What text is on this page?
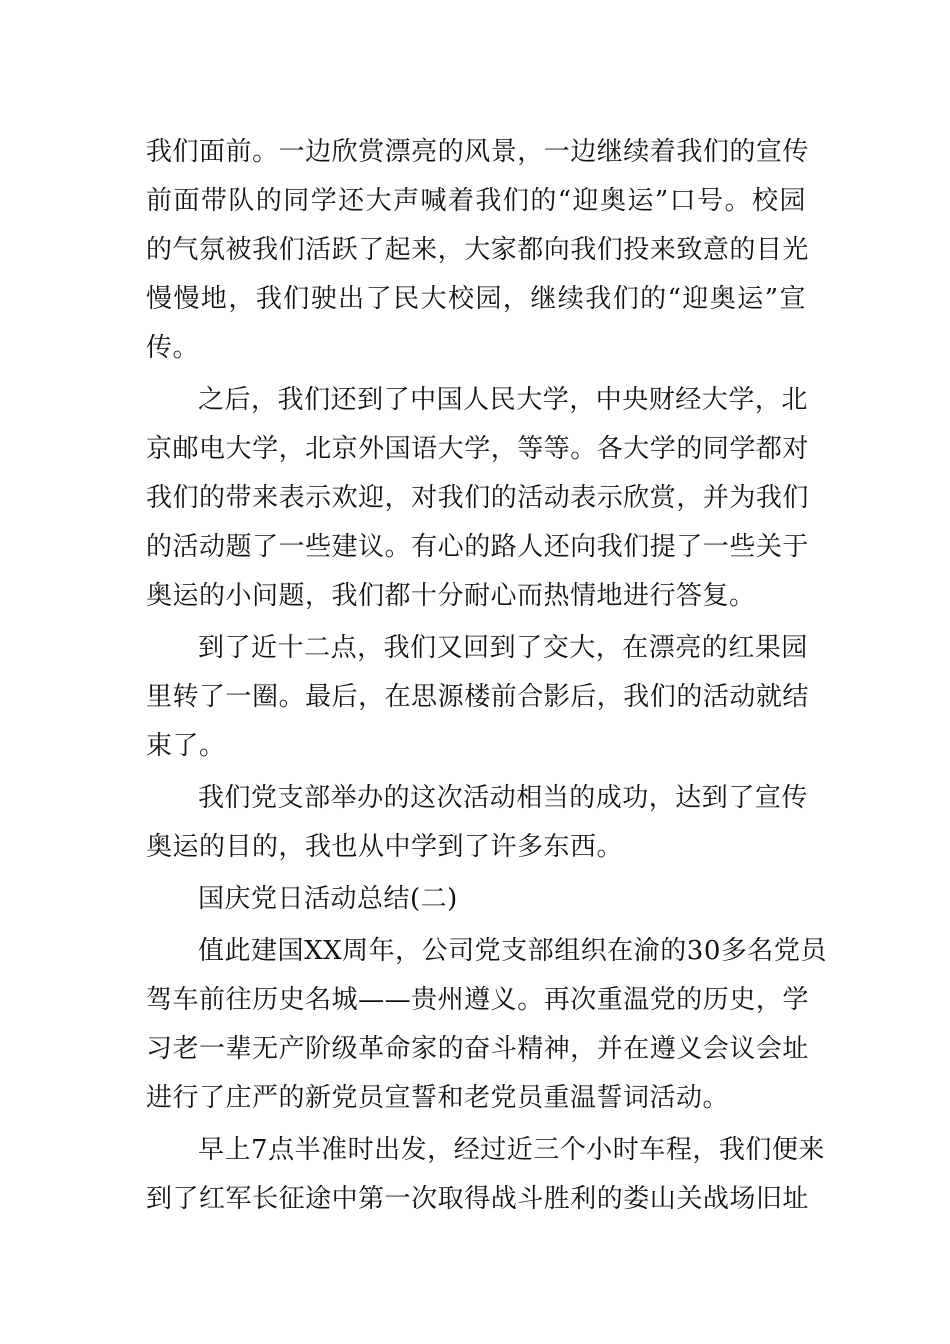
我 们 面 前 。 一 边 欣 赏 漂 亮 的 风 景 ， 一 边 继 续 着 我 们 的 宣 传
前 面 带 队 的 同 学 还 大 声 喊 着 我 们 的 “ 迎 奥 运 ” 口 号 。 校 园
的 气 氛 被 我 们 活 跃 了 起 来 ， 大 家 都 向 我 们 投 来 致 意 的 目 光
慢 慢 地 ， 我 们 驶 出 了 民 大 校 园 ， 继 续 我 们 的 “ 迎 奥 运 ” 宣
传。
之 后 ， 我 们 还 到 了 中 国 人 民 大 学 ， 中 央 财 经 大 学 ， 北
京 邮 电 大 学 ， 北 京 外 国 语 大 学 ， 等 等 。 各 大 学 的 同 学 都 对
我 们 的 带 来 表 示 欢 迎 ， 对 我 们 的 活 动 表 示 欣 赏 ， 并 为 我 们
的 活 动 题 了 一 些 建 议 。 有 心 的 路 人 还 向 我 们 提 了 一 些 关 于
奥运的小问题，我们都十分耐心而热情地进行答复。
到 了 近 十 二 点 ， 我 们 又 回 到 了 交 大 ， 在 漂 亮 的 红 果 园
里 转 了 一 圈 。 最 后 ， 在 思 源 楼 前 合 影 后 ， 我 们 的 活 动 就 结
束了。
我 们 党 支 部 举 办 的 这 次 活 动 相 当 的 成 功 ， 达 到 了 宣 传
奥运的目的，我也从中学到了许多东西。
国庆党日活动总结(二)
值 此 建 国 XX 周 年 ， 公 司 党 支 部 组 织 在 渝 的 30 多 名 党 员
驾 车 前 往 历 史 名 城 — — 贵 州 遵 义 。 再 次 重 温 党 的 历 史 ， 学
习 老 一 辈 无 产 阶 级 革 命 家 的 奋 斗 精 神 ， 并 在 遵 义 会 议 会 址
进行了庄严的新党员宣誓和老党员重温誓词活动。
早 上 7 点 半 准 时 出 发 ， 经 过 近 三 个 小 时 车 程 ， 我 们 便 来
到 了 红 军 长 征 途 中 第 一 次 取 得 战 斗 胜 利 的 娄 山 关 战 场 旧 址
